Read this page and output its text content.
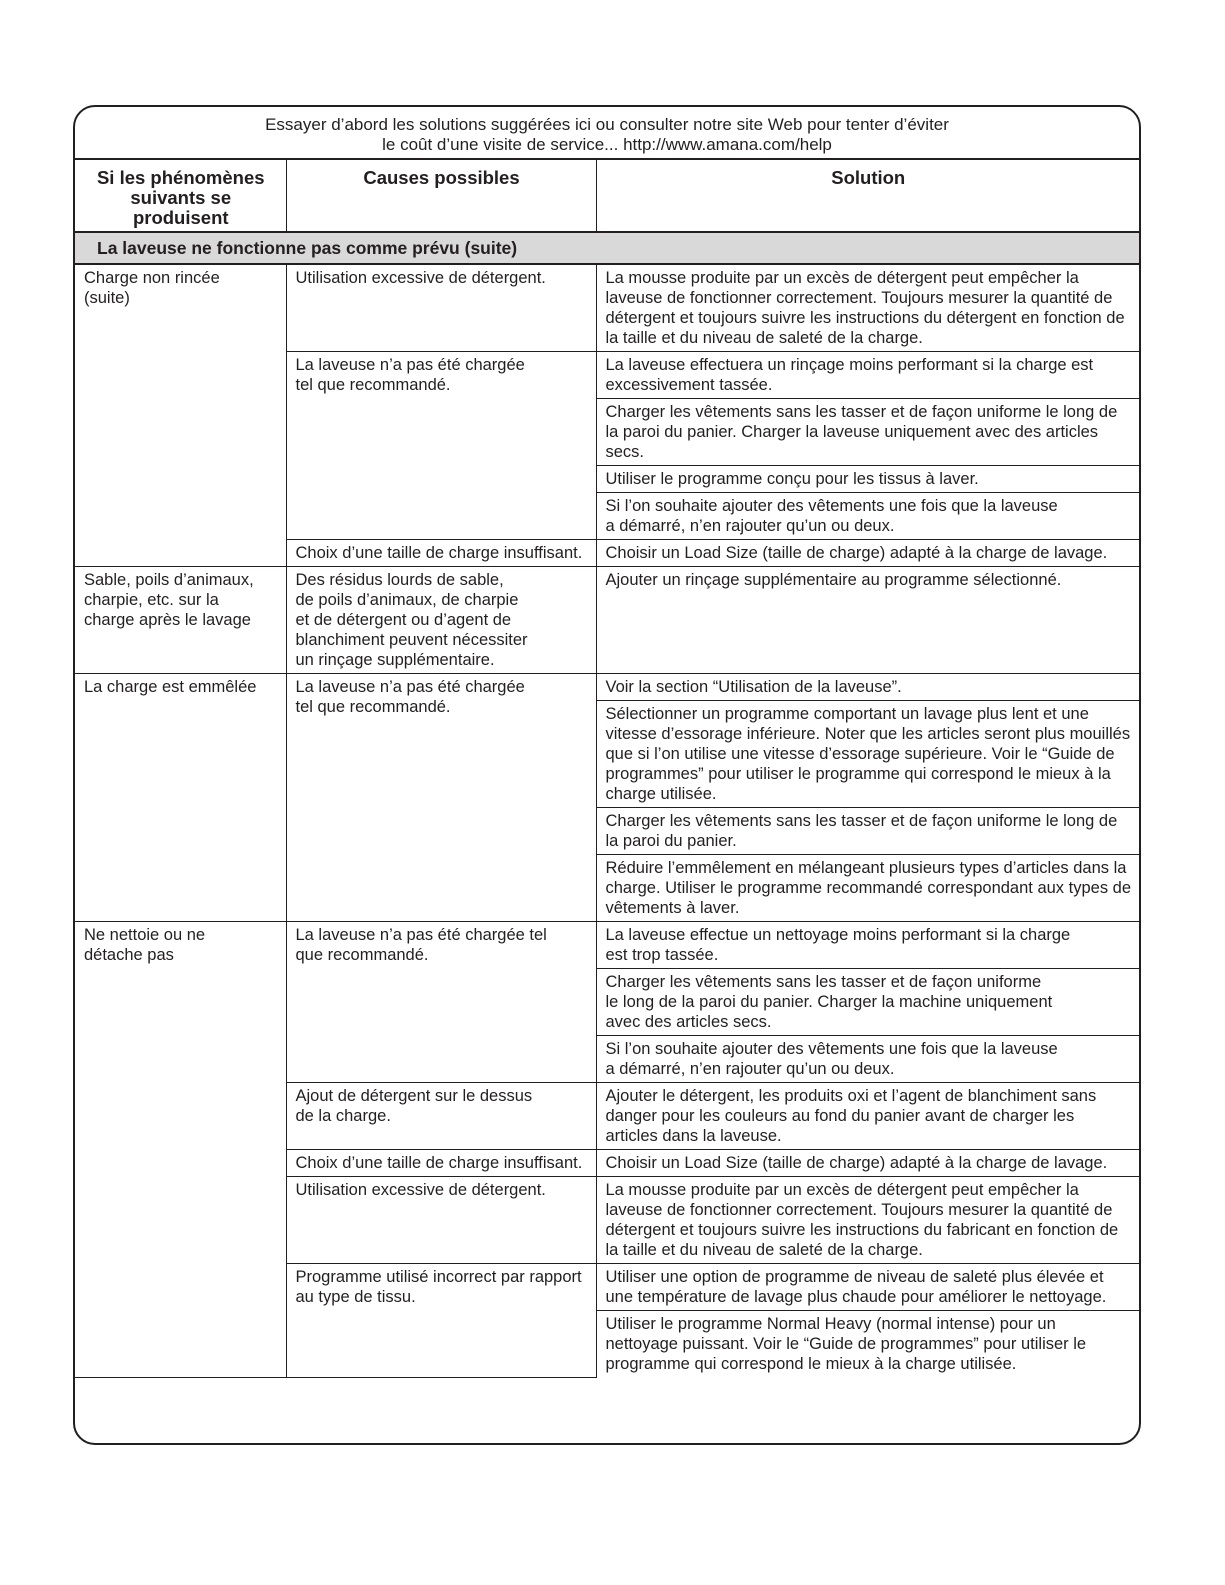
Essayer d’abord les solutions suggérées ici ou consulter notre site Web pour tenter d’éviter
le coût d’une visite de service... http://www.amana.com/help
Si les phénomènes
suivants se produisent	Causes possibles	Solution
La laveuse ne fonctionne pas comme prévu (suite)		
Charge non rincée
(suite)	Utilisation excessive de détergent.	La mousse produite par un excès de détergent peut empêcher la laveuse de fonctionner correctement. Toujours mesurer la quantité de détergent et toujours suivre les instructions du détergent en fonction de la taille et du niveau de saleté de la charge.
	La laveuse n’a pas été chargée
tel que recommandé.	La laveuse effectuera un rinçage moins performant si la charge est excessivement tassée.
		Charger les vêtements sans les tasser et de façon uniforme le long de la paroi du panier. Charger la laveuse uniquement avec des articles secs.
		Utiliser le programme conçu pour les tissus à laver.
		Si l’on souhaite ajouter des vêtements une fois que la laveuse
a démarré, n’en rajouter qu’un ou deux.
	Choix d’une taille de charge insuffisant.	Choisir un Load Size (taille de charge) adapté à la charge de lavage.
Sable, poils d’animaux,
charpie, etc. sur la
charge après le lavage	Des résidus lourds de sable,
de poils d’animaux, de charpie
et de détergent ou d’agent de
blanchiment peuvent nécessiter
un rinçage supplémentaire.	Ajouter un rinçage supplémentaire au programme sélectionné.
La charge est emmêlée	La laveuse n’a pas été chargée
tel que recommandé.	Voir la section “Utilisation de la laveuse”.
		Sélectionner un programme comportant un lavage plus lent et une vitesse d’essorage inférieure. Noter que les articles seront plus mouillés que si l’on utilise une vitesse d’essorage supérieure. Voir le “Guide de programmes” pour utiliser le programme qui correspond le mieux à la charge utilisée.
		Charger les vêtements sans les tasser et de façon uniforme le long de la paroi du panier.
		Réduire l’emmêlement en mélangeant plusieurs types d’articles dans la charge. Utiliser le programme recommandé correspondant aux types de vêtements à laver.
Ne nettoie ou ne
détache pas	La laveuse n’a pas été chargée tel
que recommandé.	La laveuse effectue un nettoyage moins performant si la charge
est trop tassée.
		Charger les vêtements sans les tasser et de façon uniforme
le long de la paroi du panier. Charger la machine uniquement
avec des articles secs.
		Si l’on souhaite ajouter des vêtements une fois que la laveuse
a démarré, n’en rajouter qu’un ou deux.
	Ajout de détergent sur le dessus
de la charge.	Ajouter le détergent, les produits oxi et l’agent de blanchiment sans danger pour les couleurs au fond du panier avant de charger les articles dans la laveuse.
	Choix d’une taille de charge insuffisant.	Choisir un Load Size (taille de charge) adapté à la charge de lavage.
	Utilisation excessive de détergent.	La mousse produite par un excès de détergent peut empêcher la laveuse de fonctionner correctement. Toujours mesurer la quantité de détergent et toujours suivre les instructions du fabricant en fonction de la taille et du niveau de saleté de la charge.
	Programme utilisé incorrect par rapport
au type de tissu.	Utiliser une option de programme de niveau de saleté plus élevée et une température de lavage plus chaude pour améliorer le nettoyage.
		Utiliser le programme Normal Heavy (normal intense) pour un nettoyage puissant. Voir le “Guide de programmes” pour utiliser le programme qui correspond le mieux à la charge utilisée.
